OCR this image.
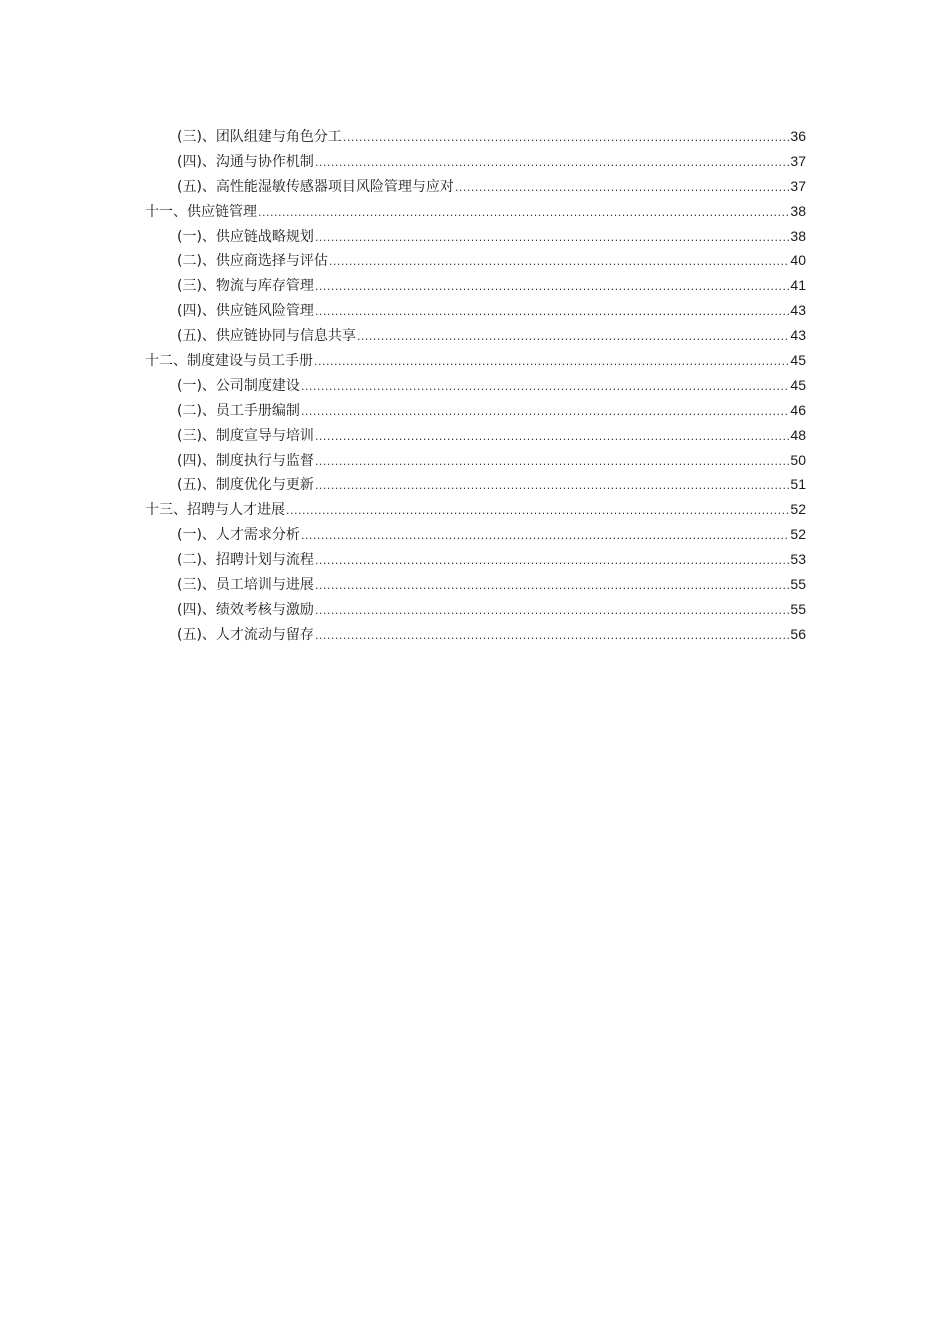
(三)、团队组建与角色分工 .....	36
(四)、沟通与协作机制 .....	37
(五)、高性能湿敏传感器项目风险管理与应对 .....	37
十一、供应链管理 .....	38
(一)、供应链战略规划 .....	38
(二)、供应商选择与评估 .....	40
(三)、物流与库存管理 .....	41
(四)、供应链风险管理 .....	43
(五)、供应链协同与信息共享 .....	43
十二、制度建设与员工手册 .....	45
(一)、公司制度建设 .....	45
(二)、员工手册编制 .....	46
(三)、制度宣导与培训 .....	48
(四)、制度执行与监督 .....	50
(五)、制度优化与更新 .....	51
十三、招聘与人才进展 .....	52
(一)、人才需求分析 .....	52
(二)、招聘计划与流程 .....	53
(三)、员工培训与进展 .....	55
(四)、绩效考核与激励 .....	55
(五)、人才流动与留存 .....	56
